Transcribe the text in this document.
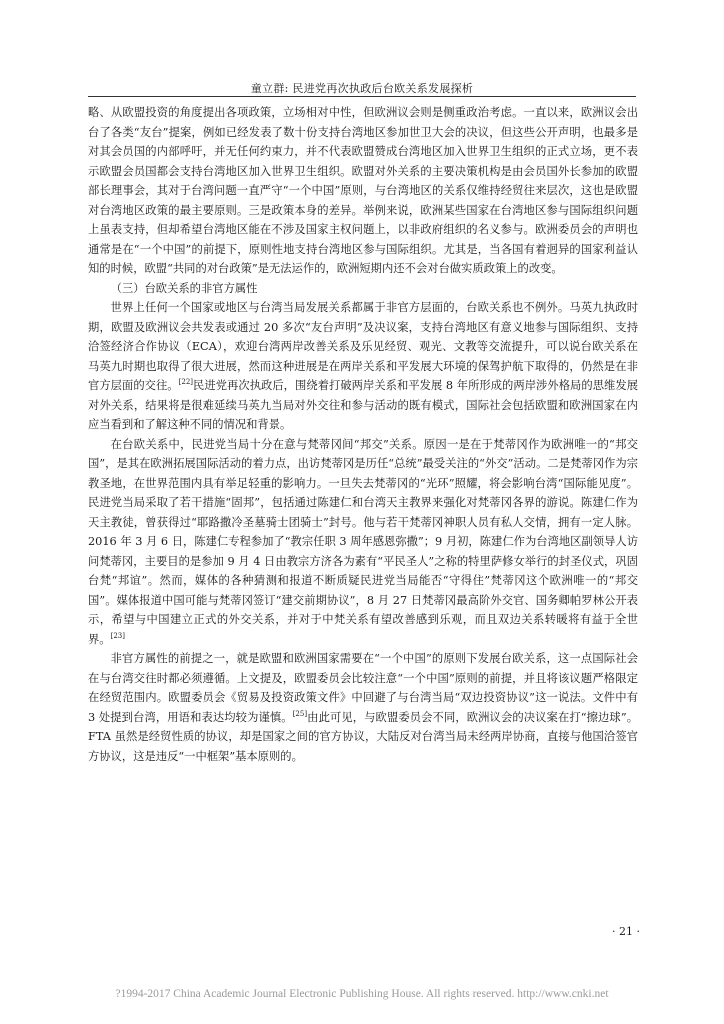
童立群: 民进党再次执政后台欧关系发展探析

略、从欧盟投资的角度提出各项政策，立场相对中性，但欧洲议会则是侧重政治考虑。一直以来，欧洲议会出台了各类“友台”提案，例如已经发表了数十份支持台湾地区参加世卫大会的决议，但这些公开声明，也最多是对其会员国的内部呼吁，并无任何约束力，并不代表欧盟赞成台湾地区加入世界卫生组织的正式立场，更不表示欧盟会员国都会支持台湾地区加入世界卫生组织。欧盟对外关系的主要决策机构是由会员国外长参加的欧盟部长理事会，其对于台湾问题一直严守“一个中国”原则，与台湾地区的关系仅维持经贸往来层次，这也是欧盟对台湾地区政策的最主要原则。三是政策本身的差异。举例来说，欧洲某些国家在台湾地区参与国际组织问题上虽表支持，但却希望台湾地区能在不涉及国家主权问题上，以非政府组织的名义参与。欧洲委员会的声明也通常是在“一个中国”的前提下，原则性地支持台湾地区参与国际组织。尤其是，当各国有着迥异的国家利益认知的时候，欧盟“共同的对台政策”是无法运作的，欧洲短期内还不会对台做实质政策上的改变。

（三）台欧关系的非官方属性

世界上任何一个国家或地区与台湾当局发展关系都属于非官方层面的，台欧关系也不例外。马英九执政时期，欧盟及欧洲议会共发表或通过 20 多次“友台声明”及决议案，支持台湾地区有意义地参与国际组织、支持洽签经济合作协议（ECA），欢迎台湾两岸改善关系及乐见经贸、观光、文教等交流提升，可以说台欧关系在马英九时期也取得了很大进展，然而这种进展是在两岸关系和平发展大环境的保驾护航下取得的，仍然是在非官方层面的交往。[22]民进党再次执政后，围绕着打破两岸关系和平发展 8 年所形成的两岸涉外格局的思维发展对外关系，结果将是很难延续马英九当局对外交往和参与活动的既有模式，国际社会包括欧盟和欧洲国家在内应当看到和了解这种不同的情况和背景。

在台欧关系中，民进党当局十分在意与梵蒂冈间“邦交”关系。原因一是在于梵蒂冈作为欧洲唯一的“邦交国”，是其在欧洲拓展国际活动的着力点，出访梵蒂冈是历任“总统”最受关注的“外交”活动。二是梵蒂冈作为宗教圣地，在世界范围内具有举足轻重的影响力。一旦失去梵蒂冈的“光环”照耀，将会影响台湾“国际能见度”。民进党当局采取了若干措施“固邦”，包括通过陈建仁和台湾天主教界来强化对梵蒂冈各界的游说。陈建仁作为天主教徒，曾获得过“耶路撒冷圣墓骑士团骑士”封号。他与若干梵蒂冈神职人员有私人交情，拥有一定人脉。2016 年 3 月 6 日，陈建仁专程参加了“教宗任职 3 周年感恩弥撒”；9 月初，陈建仁作为台湾地区副领导人访问梵蒂冈，主要目的是参加 9 月 4 日由教宗方济各为素有“平民圣人”之称的特里萨修女举行的封圣仪式，巩固台梵“邦谊”。然而，媒体的各种猜测和报道不断质疑民进党当局能否“守得住”梵蒂冈这个欧洲唯一的“邦交国”。媒体报道中国可能与梵蒂冈签订“建交前期协议”，8 月 27 日梵蒂冈最高阶外交官、国务卿帕罗林公开表示，希望与中国建立正式的外交关系，并对于中梵关系有望改善感到乐观，而且双边关系转暖将有益于全世界。[23]

非官方属性的前提之一，就是欧盟和欧洲国家需要在“一个中国”的原则下发展台欧关系，这一点国际社会在与台湾交往时都必须遵循。上文提及，欧盟委员会比较注意“一个中国”原则的前提，并且将该议题严格限定在经贸范围内。欧盟委员会《贸易及投资政策文件》中回避了与台湾当局“双边投资协议”这一说法。文件中有 3 处提到台湾，用语和表达均较为谨慎。[25]由此可见，与欧盟委员会不同，欧洲议会的决议案在打“擦边球”。FTA 虽然是经贸性质的协议，却是国家之间的官方协议，大陆反对台湾当局未经两岸协商，直接与他国洽签官方协议，这是违反“一中框架”基本原则的。

· 21 ·
?1994-2017 China Academic Journal Electronic Publishing House. All rights reserved. http://www.cnki.net
